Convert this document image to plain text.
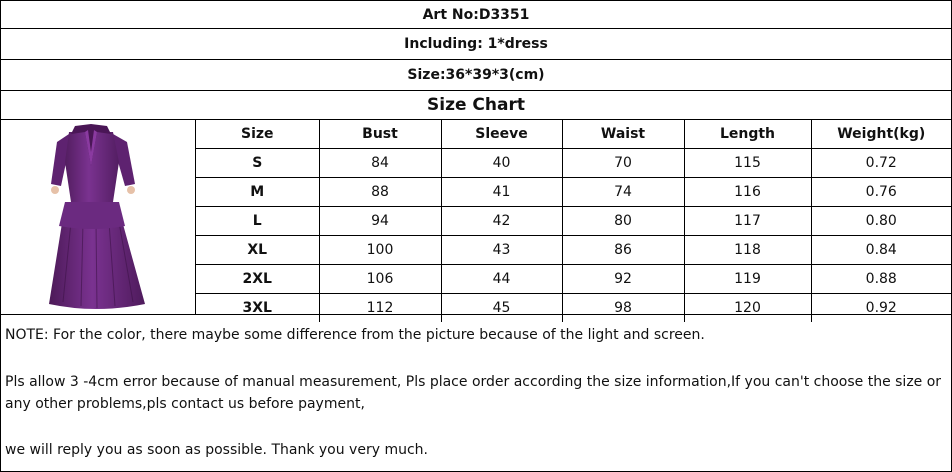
Art No:D3351
Including: 1*dress
Size:36*39*3(cm)
Size Chart
Size	Bust	Sleeve	Waist	Length	Weight(kg)
S	84	40	70	115	0.72
M	88	41	74	116	0.76
L	94	42	80	117	0.80
XL	100	43	86	118	0.84
2XL	106	44	92	119	0.88
3XL	112	45	98	120	0.92
NOTE: For the color, there maybe some difference from the picture because of the light and screen.
Pls allow 3 -4cm error because of manual measurement, Pls place order according the size information,If you can't choose the size or any other problems,pls contact us before payment,
we will reply you as soon as possible. Thank you very much.
